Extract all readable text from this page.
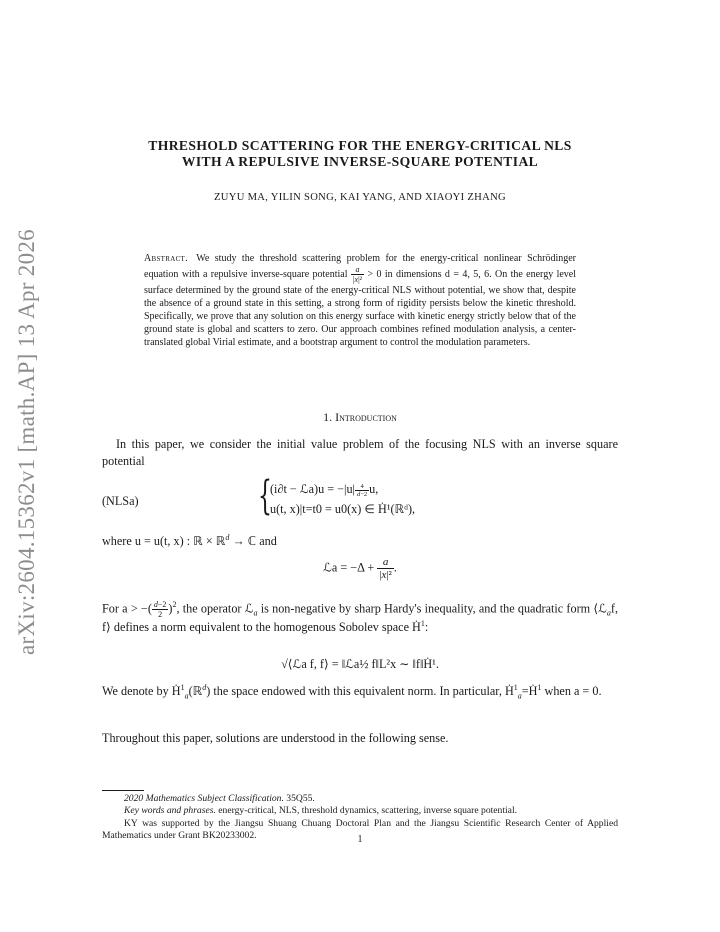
arXiv:2604.15362v1 [math.AP] 13 Apr 2026
THRESHOLD SCATTERING FOR THE ENERGY-CRITICAL NLS
WITH A REPULSIVE INVERSE-SQUARE POTENTIAL
ZUYU MA, YILIN SONG, KAI YANG, AND XIAOYI ZHANG
Abstract. We study the threshold scattering problem for the energy-critical nonlinear Schrödinger equation with a repulsive inverse-square potential $\frac{a}{\text{|x|²}} > 0$ in dimensions d = 4, 5, 6. On the energy level surface determined by the ground state of the energy-critical NLS without potential, we show that, despite the absence of a ground state in this setting, a strong form of rigidity persists below the kinetic threshold. Specifically, we prove that any solution on this energy surface with kinetic energy strictly below that of the ground state is global and scatters to zero. Our approach combines refined modulation analysis, a center-translated global Virial estimate, and a bootstrap argument to control the modulation parameters.
1. Introduction
In this paper, we consider the initial value problem of the focusing NLS with an inverse square potential
(NLSa)	{
(i∂t − ℒa)u = $-|u| \frac{4}{d-2} u$,
u(t, x)|t=t0 = u0(x) ∈ Ḣ¹(ℝᵈ),
where u = u(t, x) : ℝ × ℝ$^d$ → ℂ and
ℒa = $-\Delta + \frac{a}{\text{|x|²}}$ .
For a > −( $\frac{d-2}{2} )^2$, the operator ℒ$_a$ is non-negative by sharp Hardy's inequality, and the quadratic form ⟨ℒ$_a$f, f⟩ defines a norm equivalent to the homogenous Sobolev space Ḣ$^1$:
√⟨ℒa f, f⟩ = ‖ℒa½ f‖L²x ∼ ‖f‖Ḣ¹.
We denote by Ḣ$^1_a$(ℝ$^d$) the space endowed with this equivalent norm. In particular, Ḣ$^1_a$=Ḣ$^1$ when a = 0.
Throughout this paper, solutions are understood in the following sense.

2020 Mathematics Subject Classification. 35Q55.

Key words and phrases. energy-critical, NLS, threshold dynamics, scattering, inverse square potential.

KY was supported by the Jiangsu Shuang Chuang Doctoral Plan and the Jiangsu Scientific Research Center of Applied Mathematics under Grant BK20233002.	1
